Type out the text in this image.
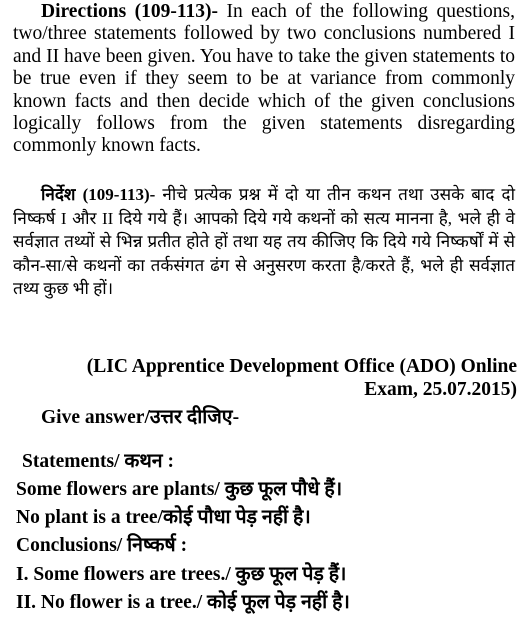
Directions (109-113)- In each of the following questions, two/three statements followed by two conclusions numbered I and II have been given. You have to take the given statements to be true even if they seem to be at variance from commonly known facts and then decide which of the given conclusions logically follows from the given statements disregarding commonly known facts.
निर्देश (109-113)- नीचे प्रत्येक प्रश्न में दो या तीन कथन तथा उसके बाद दो निष्कर्ष I और II दिये गये हैं। आपको दिये गये कथनों को सत्य मानना है, भले ही वे सर्वज्ञात तथ्यों से भिन्न प्रतीत होते हों तथा यह तय कीजिए कि दिये गये निष्कर्षों में से कौन-सा/से कथनों का तर्कसंगत ढंग से अनुसरण करता है/करते हैं, भले ही सर्वज्ञात तथ्य कुछ भी हों।
(LIC Apprentice Development Office (ADO) Online Exam, 25.07.2015)
Give answer/उत्तर दीजिए-
Statements/ कथन :
Some flowers are plants/ कुछ फूल पौधे हैं।
No plant is a tree/कोई पौधा पेड़ नहीं है।
Conclusions/ निष्कर्ष :
I. Some flowers are trees./ कुछ फूल पेड़ हैं।
II. No flower is a tree./ कोई फूल पेड़ नहीं है।
